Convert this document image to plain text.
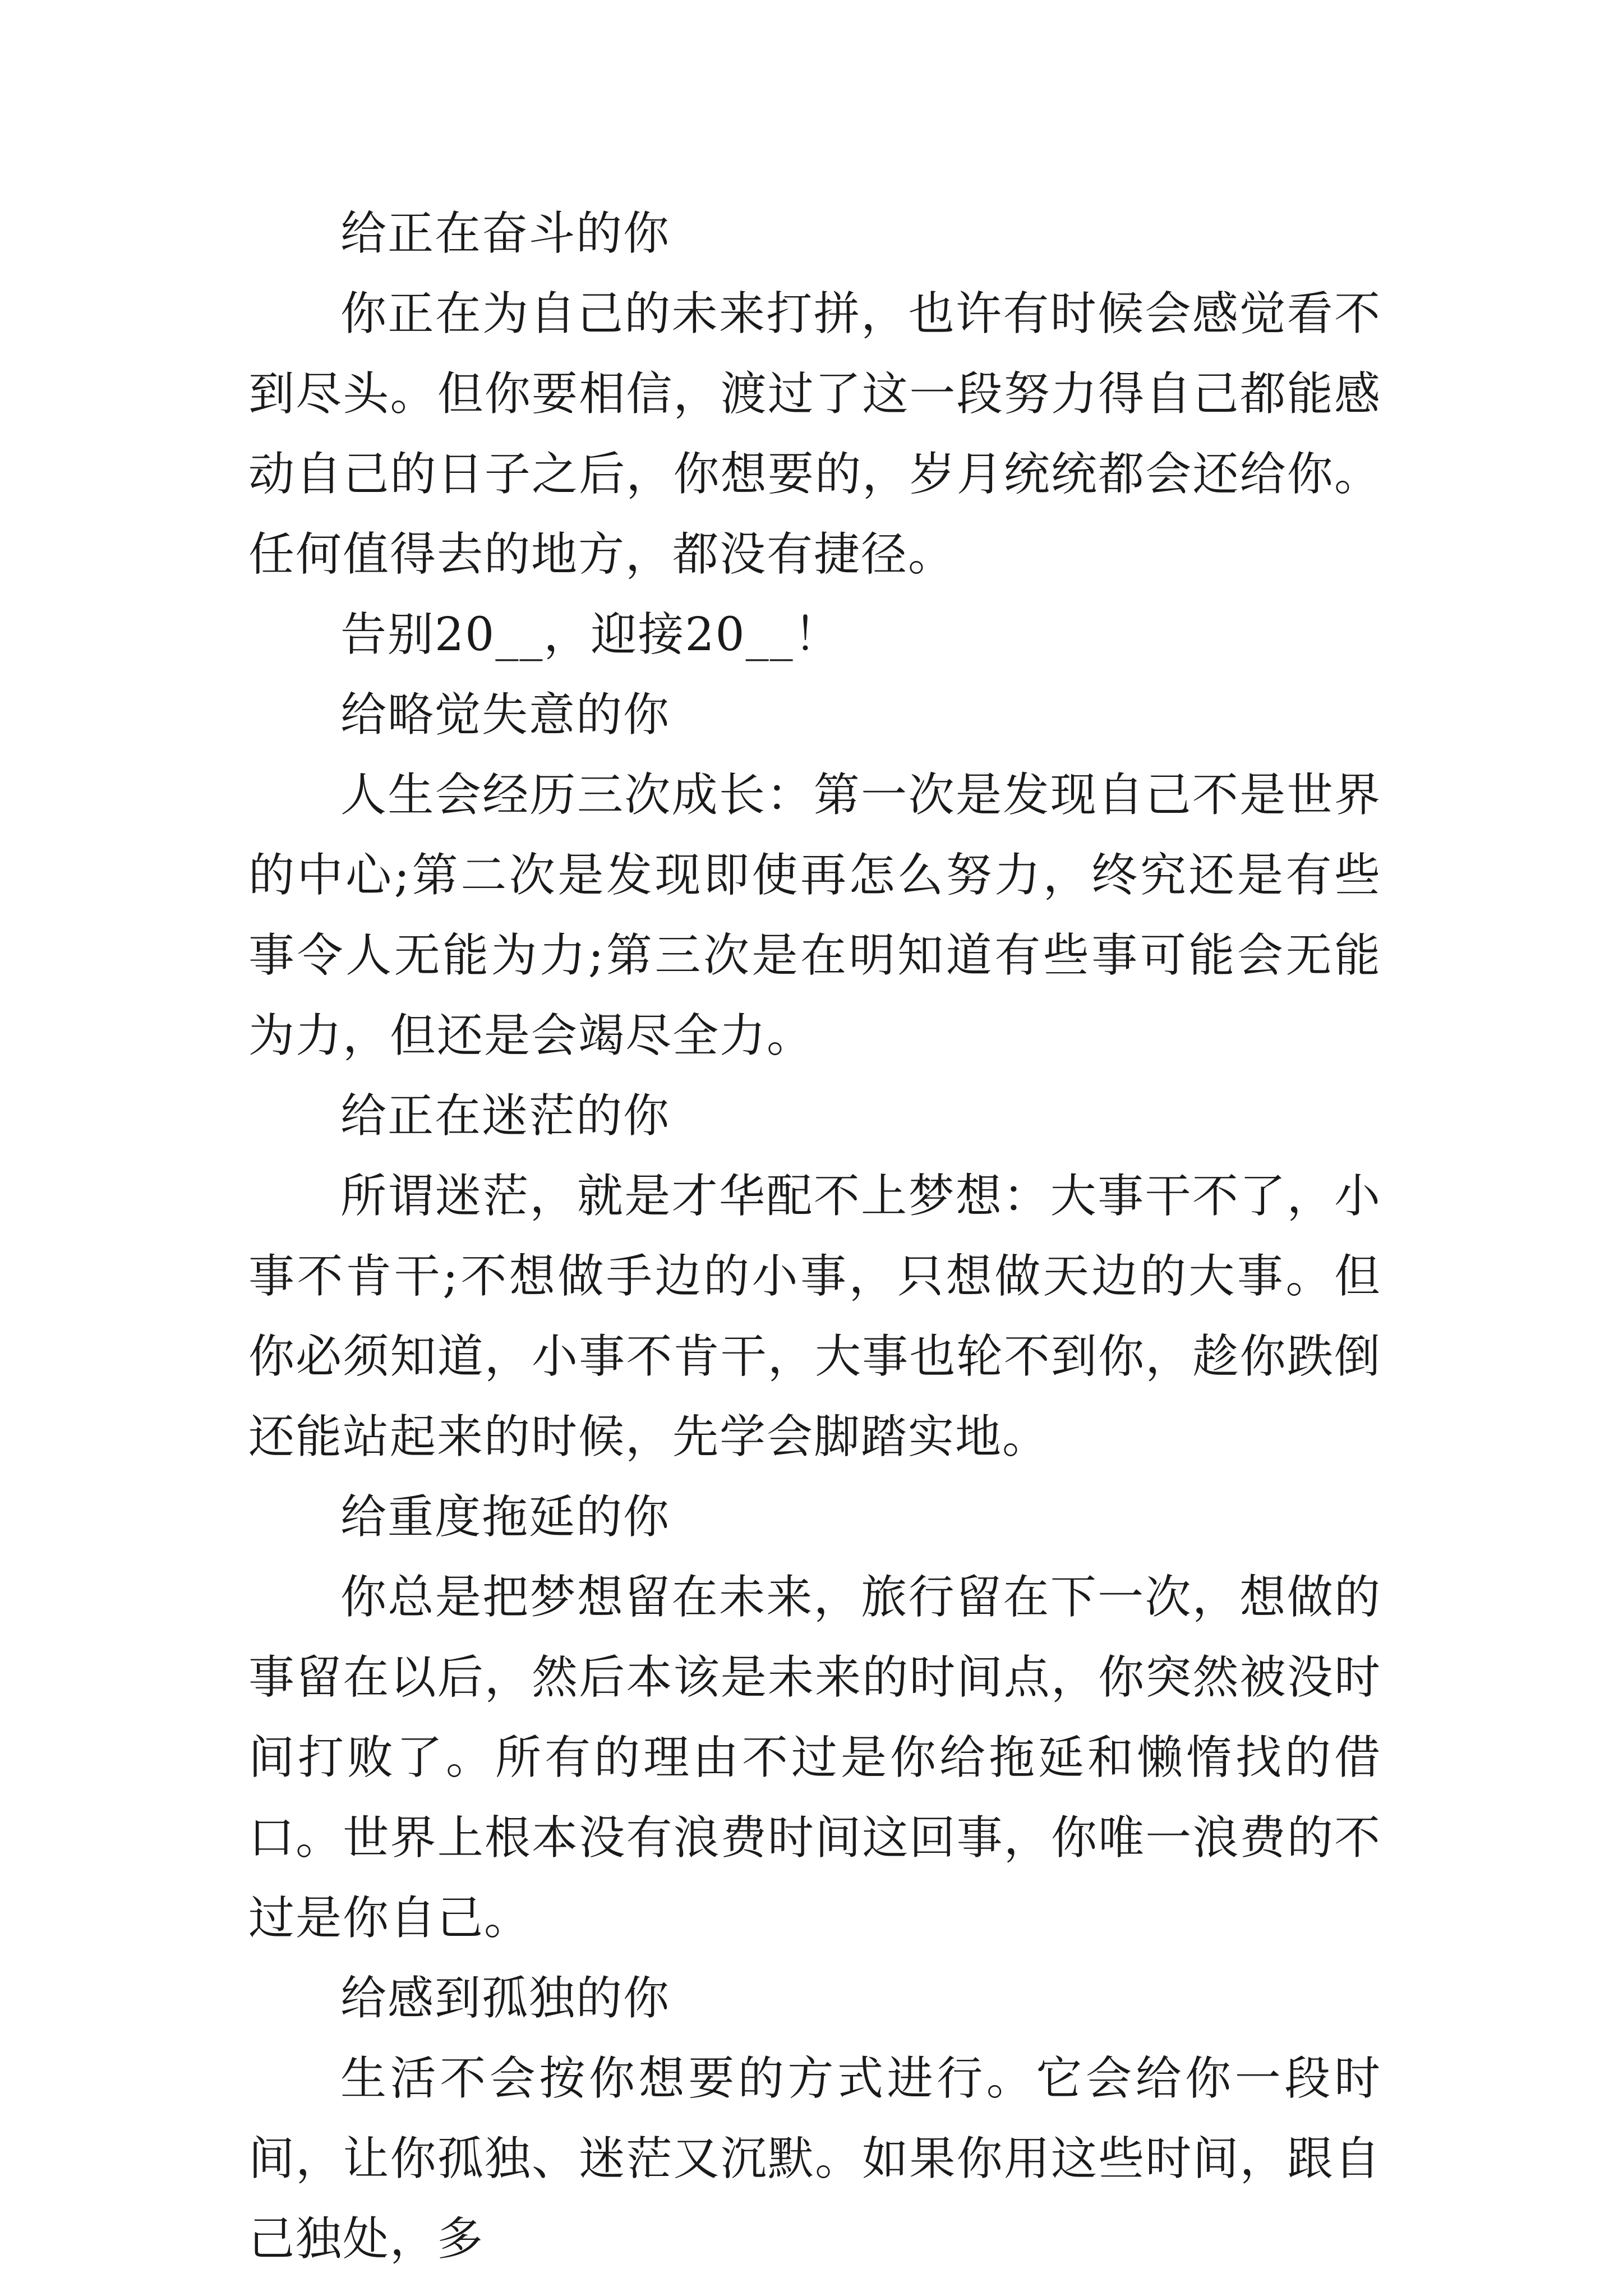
给正在奋斗的你

你正在为自己的未来打拼，也许有时候会感觉看不到尽头。但你要相信，渡过了这一段努力得自己都能感动自己的日子之后，你想要的，岁月统统都会还给你。任何值得去的地方，都没有捷径。

告别20__，迎接20__！

给略觉失意的你

人生会经历三次成长：第一次是发现自己不是世界的中心;第二次是发现即使再怎么努力，终究还是有些事令人无能为力;第三次是在明知道有些事可能会无能为力，但还是会竭尽全力。

给正在迷茫的你

所谓迷茫，就是才华配不上梦想：大事干不了，小事不肯干;不想做手边的小事，只想做天边的大事。但你必须知道，小事不肯干，大事也轮不到你，趁你跌倒还能站起来的时候，先学会脚踏实地。

给重度拖延的你

你总是把梦想留在未来，旅行留在下一次，想做的事留在以后，然后本该是未来的时间点，你突然被没时间打败了。所有的理由不过是你给拖延和懒惰找的借口。世界上根本没有浪费时间这回事，你唯一浪费的不过是你自己。

给感到孤独的你

生活不会按你想要的方式进行。它会给你一段时间，让你孤独、迷茫又沉默。如果你用这些时间，跟自己独处，多
